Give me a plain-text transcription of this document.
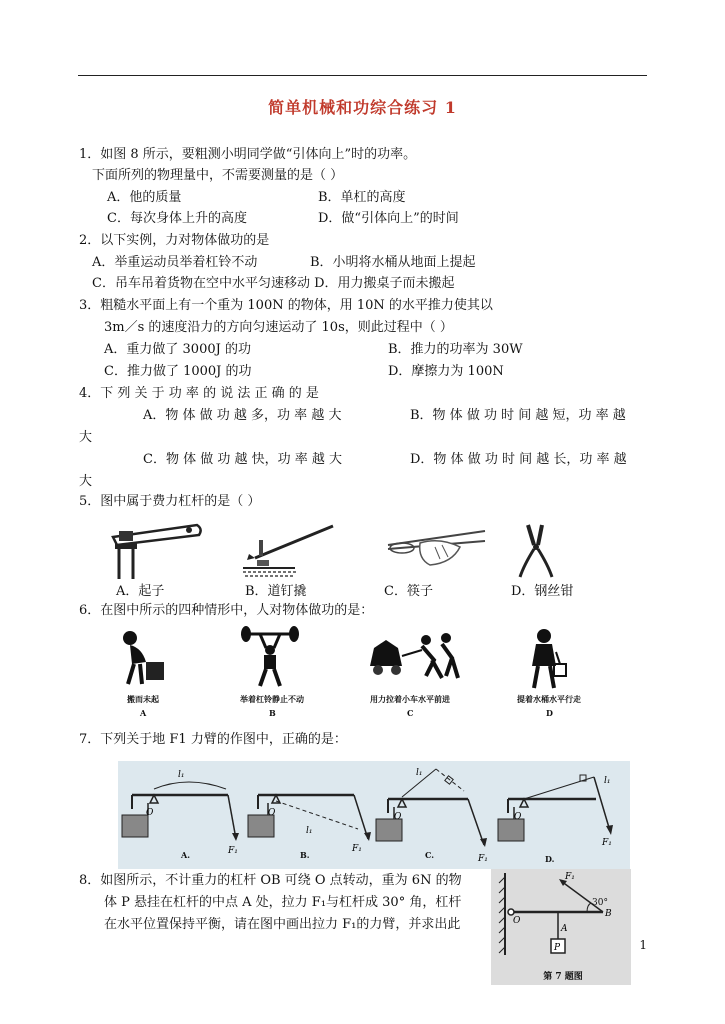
简单机械和功综合练习 1
1．如图 8 所示，要粗测小明同学做“引体向上”时的功率。
下面所列的物理量中，不需要测量的是（ ）
A．他的质量	B．单杠的高度
C．每次身体上升的高度	D．做“引体向上”的时间
2．以下实例，力对物体做功的是
A．举重运动员举着杠铃不动	B．小明将水桶从地面上提起
C．吊车吊着货物在空中水平匀速移动 D．用力搬桌子而未搬起
3．粗糙水平面上有一个重为 100N 的物体，用 10N 的水平推力使其以
3m／s 的速度沿力的方向匀速运动了 10s，则此过程中（ ）
A．重力做了 3000J 的功	B．推力的功率为 30W
C．推力做了 1000J 的功	D．摩擦力为 100N
4．下 列 关 于 功 率 的 说 法 正 确 的 是
A．物 体 做 功 越 多，功 率 越 大	B．物 体 做 功 时 间 越 短，功 率 越
大
C．物 体 做 功 越 快，功 率 越 大	D．物 体 做 功 时 间 越 长，功 率 越
大
5．图中属于费力杠杆的是（ ）
A．起子	B．道钉撬	C．筷子	D．钢丝钳
6．在图中所示的四种情形中，人对物体做功的是：
搬而未起	举着杠铃静止不动	用力拉着小车水平前进	提着水桶水平行走
A	B	C	D
7．下列关于地 F1 力臂的作图中，正确的是：
l₁
O
F₁
l₁
O
F₁
l₁
O
F₁
l₁
O
F₁
A.	B.	C.	D.
8．如图所示，不计重力的杠杆 OB 可绕 O 点转动，重为 6N 的物
体 P 悬挂在杠杆的中点 A 处，拉力 F₁与杠杆成 30° 角，杠杆
在水平位置保持平衡，请在图中画出拉力 F₁的力臂，并求出此
F₁
B
O
A
P
第 7 题图
30°
1
